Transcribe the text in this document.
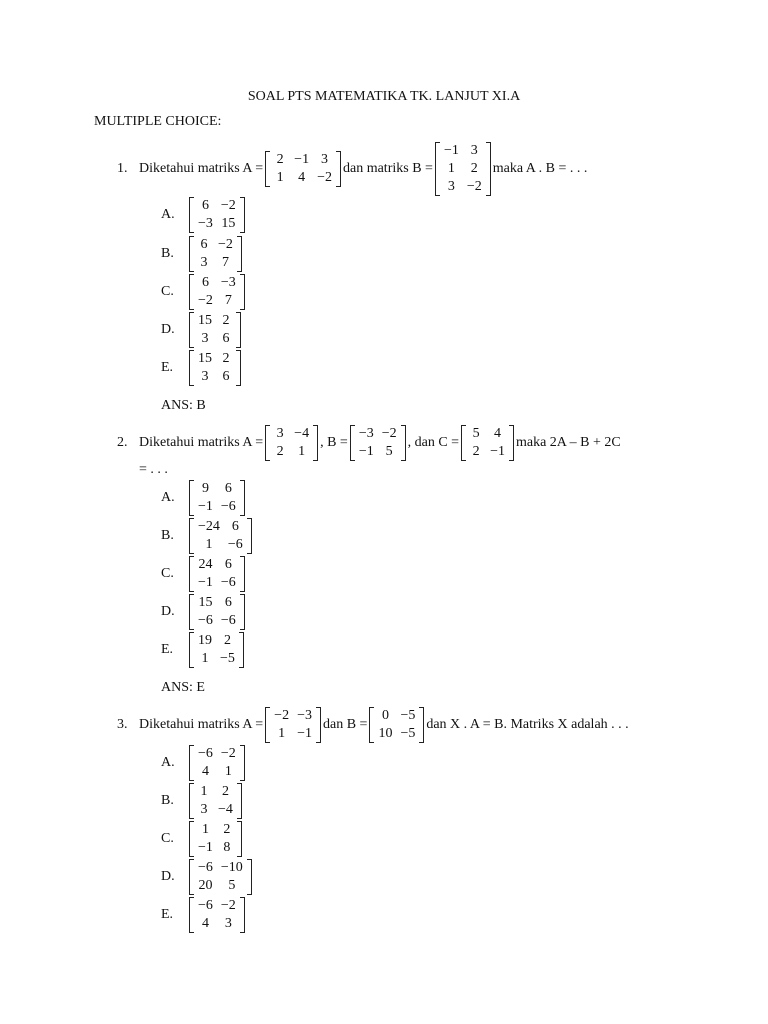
SOAL PTS MATEMATIKA TK. LANJUT XI.A
MULTIPLE CHOICE:
1. Diketahui matriks A =
2	−1	3
1	4	−2
dan matriks B =
−1	3
1	2
3	−2
maka A . B = . . .
A.
6	−2
−3	15
B.
6	−2
3	7
C.
6	−3
−2	7
D.
15	2
3	6
E.
15	2
3	6
ANS: B
2. Diketahui matriks A =
3	−4
2	1
, B =
−3	−2
−1	5
, dan C =
5	4
2	−1
maka 2A – B + 2C
= . . .
A.
9	6
−1	−6
B.
−24	6
1	−6
C.
24	6
−1	−6
D.
15	6
−6	−6
E.
19	2
1	−5
ANS: E
3. Diketahui matriks A =
−2	−3
1	−1
dan B =
0	−5
10	−5
dan X . A = B. Matriks X adalah . . .
A.
−6	−2
4	1
B.
1	2
3	−4
C.
1	2
−1	8
D.
−6	−10
20	5
E.
−6	−2
4	3
